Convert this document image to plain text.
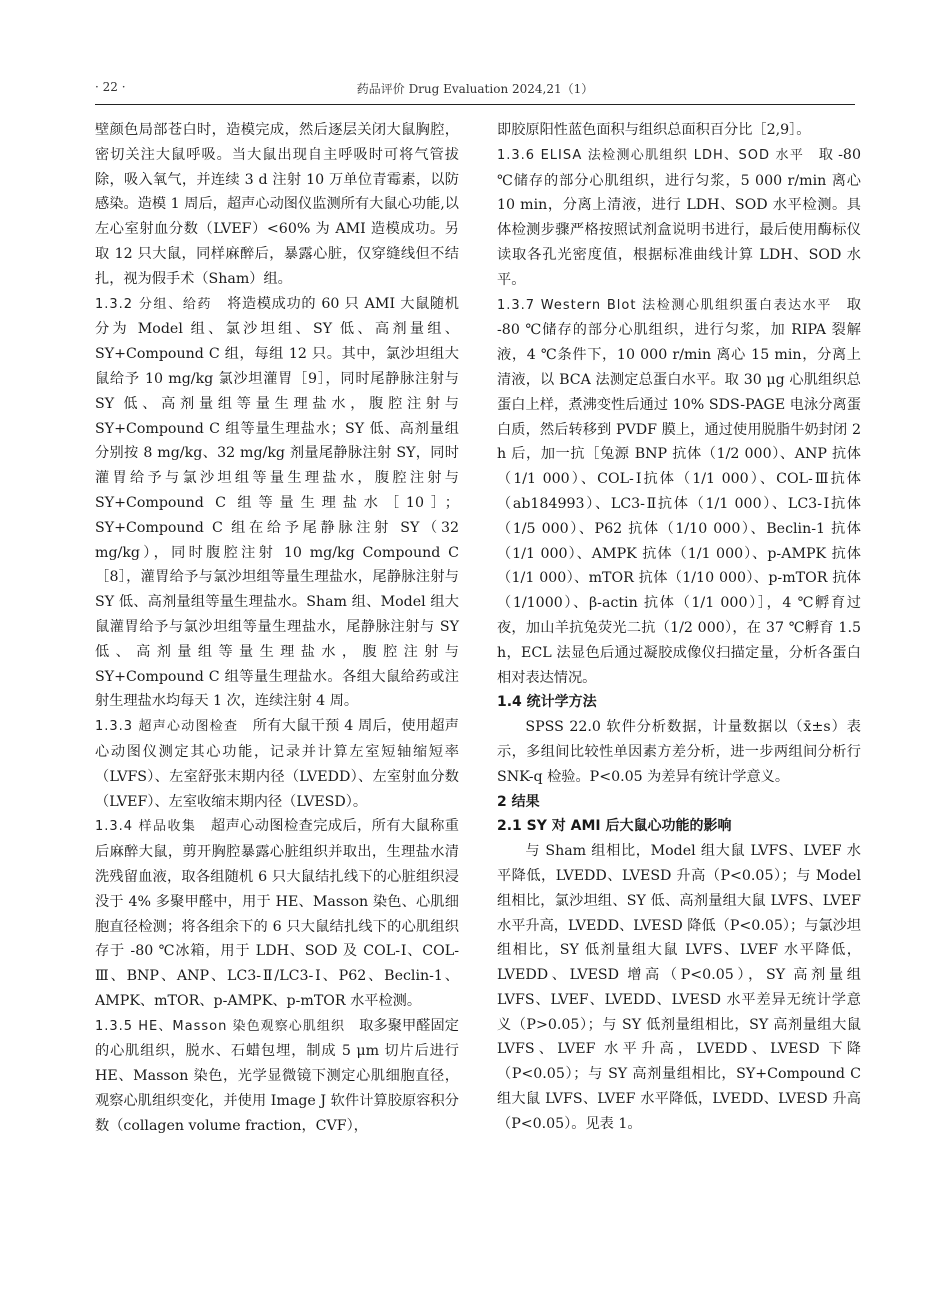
· 22 ·	药品评价 Drug Evaluation 2024,21（1）

壁颜色局部苍白时，造模完成，然后逐层关闭大鼠胸腔，密切关注大鼠呼吸。当大鼠出现自主呼吸时可将气管拔除，吸入氧气，并连续 3 d 注射 10 万单位青霉素，以防感染。造模 1 周后，超声心动图仪监测所有大鼠心功能,以左心室射血分数（LVEF）<60% 为 AMI 造模成功。另取 12 只大鼠，同样麻醉后，暴露心脏，仅穿缝线但不结扎，视为假手术（Sham）组。

1.3.2 分组、给药　 将造模成功的 60 只 AMI 大鼠随机分为 Model 组、氯沙坦组、SY 低、高剂量组、SY+Compound C 组，每组 12 只。其中，氯沙坦组大鼠给予 10 mg/kg 氯沙坦灌胃［9］，同时尾静脉注射与 SY 低、高剂量组等量生理盐水，腹腔注射与 SY+Compound C 组等量生理盐水；SY 低、高剂量组分别按 8 mg/kg、32 mg/kg 剂量尾静脉注射 SY，同时灌胃给予与氯沙坦组等量生理盐水，腹腔注射与 SY+Compound C 组等量生理盐水［10］；SY+Compound C 组在给予尾静脉注射 SY（32 mg/kg），同时腹腔注射 10 mg/kg Compound C［8］，灌胃给予与氯沙坦组等量生理盐水，尾静脉注射与 SY 低、高剂量组等量生理盐水。Sham 组、Model 组大鼠灌胃给予与氯沙坦组等量生理盐水，尾静脉注射与 SY 低、高剂量组等量生理盐水，腹腔注射与 SY+Compound C 组等量生理盐水。各组大鼠给药或注射生理盐水均每天 1 次，连续注射 4 周。

1.3.3 超声心动图检查　 所有大鼠干预 4 周后，使用超声心动图仪测定其心功能，记录并计算左室短轴缩短率（LVFS）、左室舒张末期内径（LVEDD）、左室射血分数（LVEF）、左室收缩末期内径（LVESD）。

1.3.4 样品收集　 超声心动图检查完成后，所有大鼠称重后麻醉大鼠，剪开胸腔暴露心脏组织并取出，生理盐水清洗残留血液，取各组随机 6 只大鼠结扎线下的心脏组织浸没于 4% 多聚甲醛中，用于 HE、Masson 染色、心肌细胞直径检测；将各组余下的 6 只大鼠结扎线下的心肌组织存于 -80 ℃冰箱，用于 LDH、SOD 及 COL-Ⅰ、COL-Ⅲ、BNP、ANP、LC3-Ⅱ/LC3-Ⅰ、P62、Beclin-1、AMPK、mTOR、p-AMPK、p-mTOR 水平检测。

1.3.5 HE、Masson 染色观察心肌组织　 取多聚甲醛固定的心肌组织，脱水、石蜡包埋，制成 5 μm 切片后进行 HE、Masson 染色，光学显微镜下测定心肌细胞直径，观察心肌组织变化，并使用 Image J 软件计算胶原容积分数（collagen volume fraction，CVF），

即胶原阳性蓝色面积与组织总面积百分比［2,9］。

1.3.6 ELISA 法检测心肌组织 LDH、SOD 水平　 取 -80 ℃储存的部分心肌组织，进行匀浆，5 000 r/min 离心 10 min，分离上清液，进行 LDH、SOD 水平检测。具体检测步骤严格按照试剂盒说明书进行，最后使用酶标仪读取各孔光密度值，根据标准曲线计算 LDH、SOD 水平。

1.3.7 Western Blot 法检测心肌组织蛋白表达水平　 取 -80 ℃储存的部分心肌组织，进行匀浆，加 RIPA 裂解液，4 ℃条件下，10 000 r/min 离心 15 min，分离上清液，以 BCA 法测定总蛋白水平。取 30 μg 心肌组织总蛋白上样，煮沸变性后通过 10% SDS-PAGE 电泳分离蛋白质，然后转移到 PVDF 膜上，通过使用脱脂牛奶封闭 2 h 后，加一抗［兔源 BNP 抗体（1/2 000）、ANP 抗体（1/1 000）、COL-Ⅰ抗体（1/1 000）、COL-Ⅲ抗体（ab184993）、LC3-Ⅱ抗体（1/1 000）、LC3-Ⅰ抗体（1/5 000）、P62 抗体（1/10 000）、Beclin-1 抗体（1/1 000）、AMPK 抗体（1/1 000）、p-AMPK 抗体（1/1 000）、mTOR 抗体（1/10 000）、p-mTOR 抗体（1/1000）、β-actin 抗体（1/1 000）］，4 ℃孵育过夜，加山羊抗兔荧光二抗（1/2 000），在 37 ℃孵育 1.5 h，ECL 法显色后通过凝胶成像仪扫描定量，分析各蛋白相对表达情况。

1.4 统计学方法

SPSS 22.0 软件分析数据，计量数据以（x̄±s）表示，多组间比较性单因素方差分析，进一步两组间分析行 SNK-q 检验。P<0.05 为差异有统计学意义。

2 结果

2.1 SY 对 AMI 后大鼠心功能的影响

与 Sham 组相比，Model 组大鼠 LVFS、LVEF 水平降低，LVEDD、LVESD 升高（P<0.05）；与 Model 组相比，氯沙坦组、SY 低、高剂量组大鼠 LVFS、LVEF 水平升高，LVEDD、LVESD 降低（P<0.05）；与氯沙坦组相比，SY 低剂量组大鼠 LVFS、LVEF 水平降低，LVEDD、LVESD 增高（P<0.05），SY 高剂量组 LVFS、LVEF、LVEDD、LVESD 水平差异无统计学意义（P>0.05）；与 SY 低剂量组相比，SY 高剂量组大鼠 LVFS、LVEF 水平升高，LVEDD、LVESD 下降（P<0.05）；与 SY 高剂量组相比，SY+Compound C 组大鼠 LVFS、LVEF 水平降低，LVEDD、LVESD 升高（P<0.05）。见表 1。
